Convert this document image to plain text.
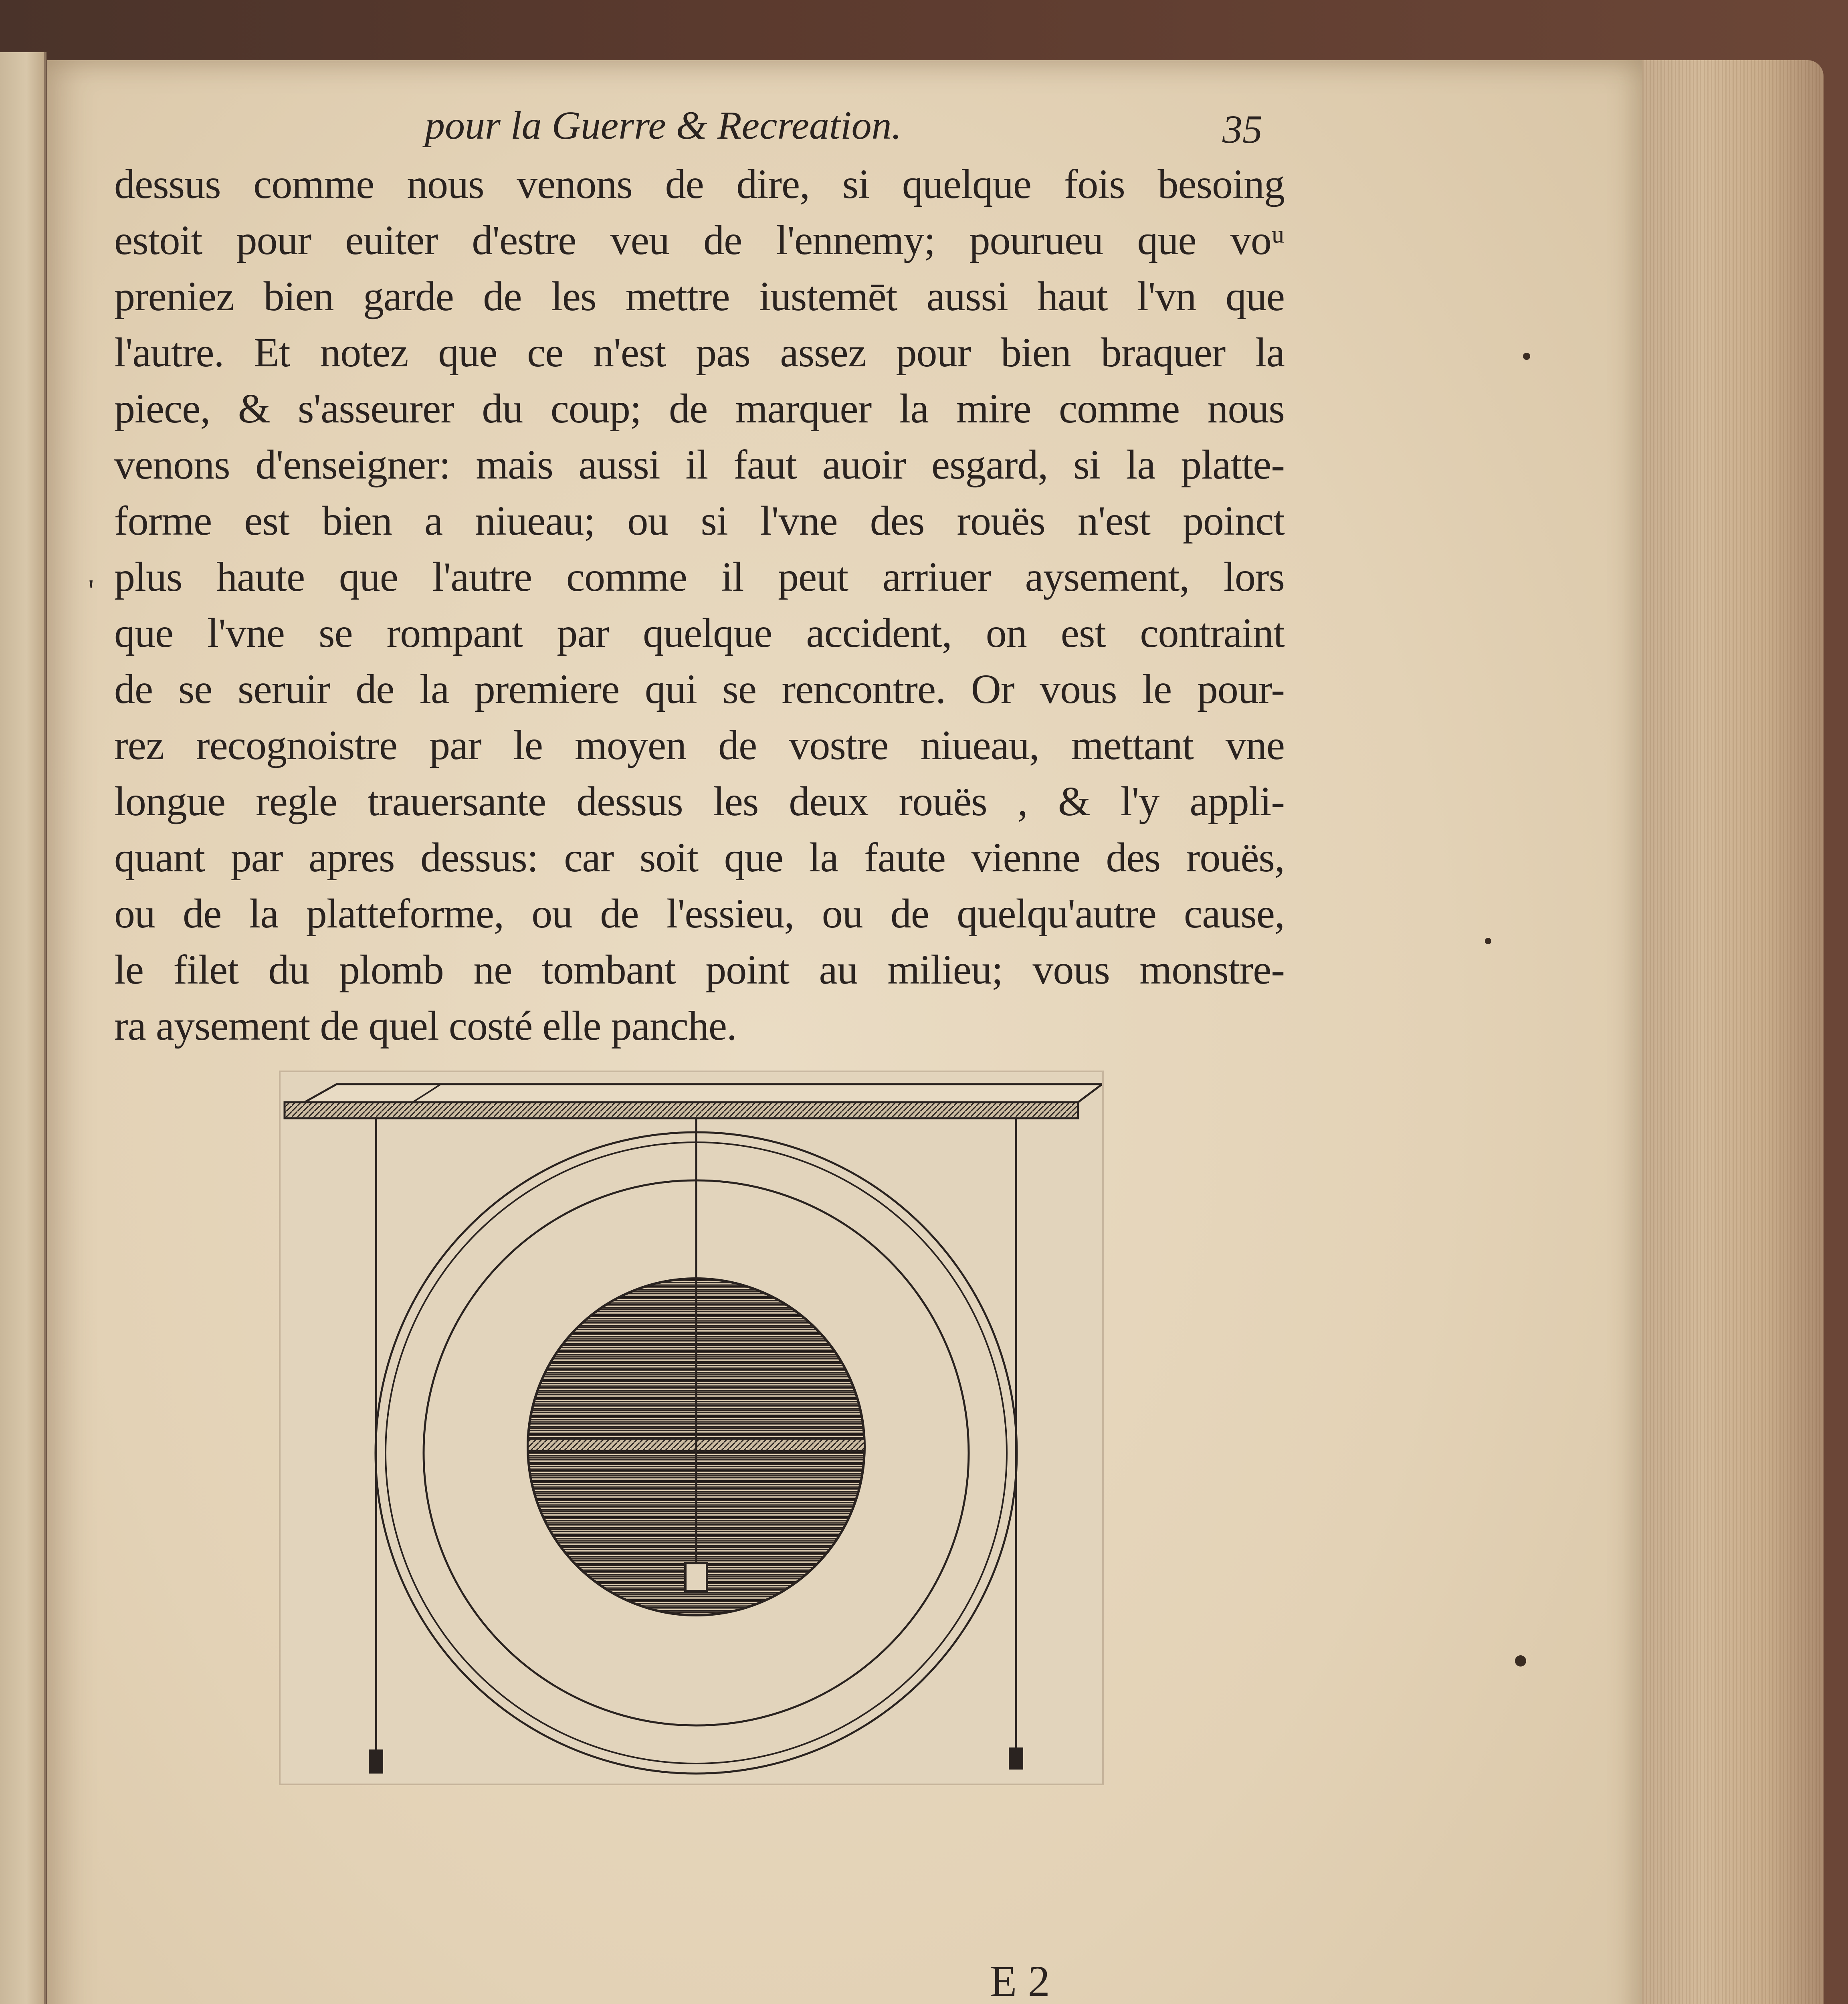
pour la Guerre & Recreation.	35
'
dessus comme nous venons de dire, si quelque fois besoing
estoit pour euiter d'estre veu de l'ennemy; pourueu que voᵘ
preniez bien garde de les mettre iustemēt aussi haut l'vn que
l'autre. Et notez que ce n'est pas assez pour bien braquer la
piece, & s'asseurer du coup; de marquer la mire comme nous
venons d'enseigner: mais aussi il faut auoir esgard, si la platte-
forme est bien a niueau; ou si l'vne des rouës n'est poinct
plus haute que l'autre comme il peut arriuer aysement, lors
que l'vne se rompant par quelque accident, on est contraint
de se seruir de la premiere qui se rencontre. Or vous le pour-
rez recognoistre par le moyen de vostre niueau, mettant vne
longue regle trauersante dessus les deux rouës , & l'y appli-
quant par apres dessus: car soit que la faute vienne des rouës,
ou de la platteforme, ou de l'essieu, ou de quelqu'autre cause,
le filet du plomb ne tombant point au milieu; vous monstre-
ra aysement de quel costé elle panche.
E 2
